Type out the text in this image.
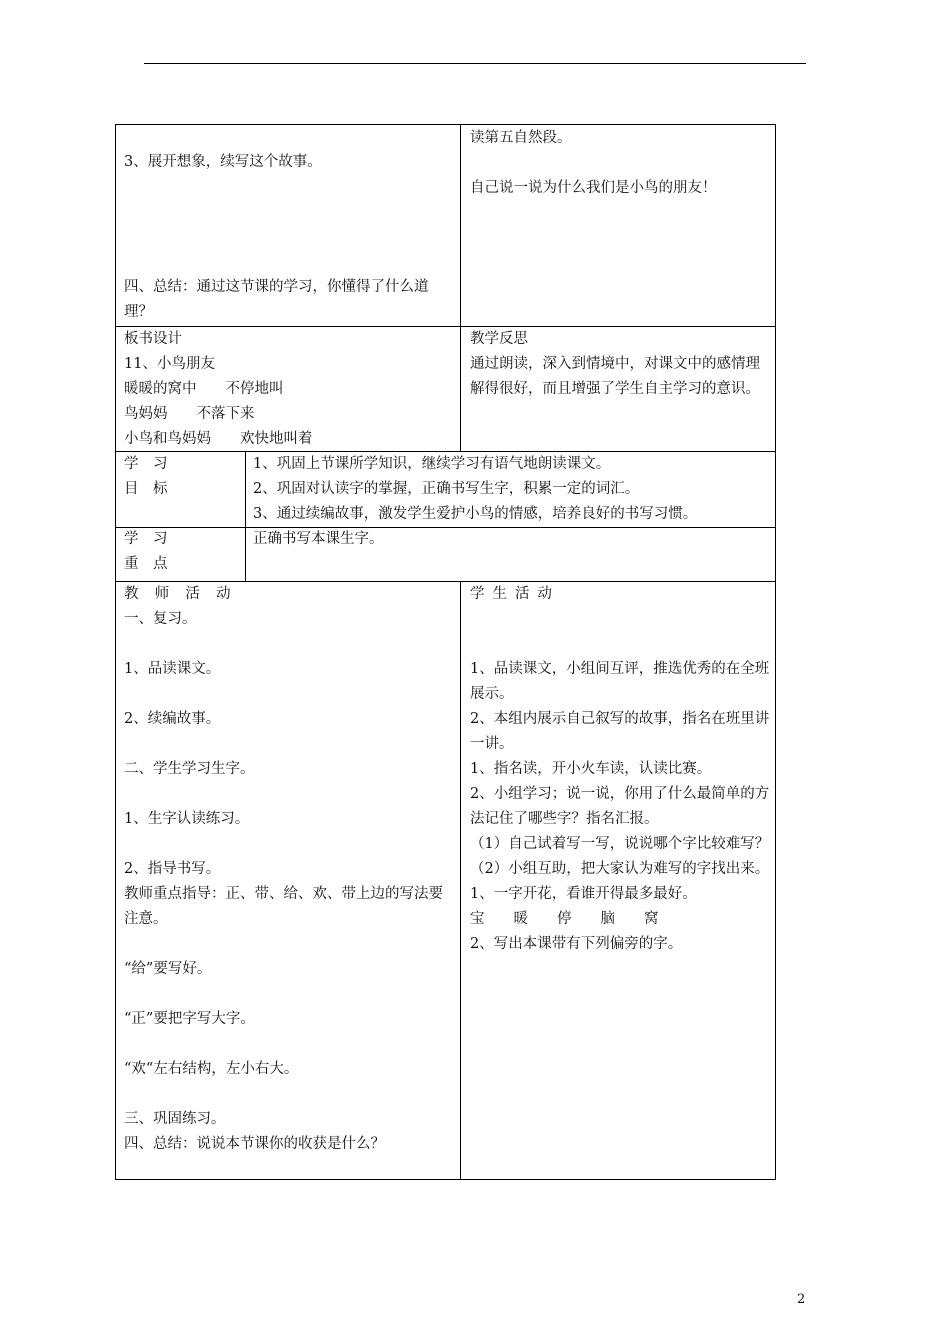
3、展开想象，续写这个故事。
四、总结：通过这节课的学习，你懂得了什么道理？
读第五自然段。
自己说一说为什么我们是小鸟的朋友！
板书设计
11、小鸟朋友
暖暖的窝中　　不停地叫
鸟妈妈　　不落下来
小鸟和鸟妈妈　　欢快地叫着
教学反思
通过朗读，深入到情境中，对课文中的感情理解得很好，而且增强了学生自主学习的意识。
学　习
目　标
1、巩固上节课所学知识，继续学习有语气地朗读课文。
2、巩固对认读字的掌握，正确书写生字，积累一定的词汇。
3、通过续编故事，激发学生爱护小鸟的情感，培养良好的书写习惯。
学　习
重　点
正确书写本课生字。
教 师 活 动
一、复习。
1、品读课文。
2、续编故事。
二、学生学习生字。
1、生字认读练习。
2、指导书写。
教师重点指导：正、带、给、欢、带上边的写法要注意。
“给”要写好。
“正”要把字写大字。
“欢“左右结构，左小右大。
三、巩固练习。
四、总结：说说本节课你的收获是什么？
学生活动
1、品读课文，小组间互评，推选优秀的在全班展示。
2、本组内展示自己叙写的故事，指名在班里讲一讲。
1、指名读，开小火车读，认读比赛。
2、小组学习；说一说，你用了什么最简单的方法记住了哪些字？指名汇报。
（1）自己试着写一写，说说哪个字比较难写？
（2）小组互助，把大家认为难写的字找出来。
1、一字开花，看谁开得最多最好。
宝　　暖　　停　　脑　　窝
2、写出本课带有下列偏旁的字。
2
